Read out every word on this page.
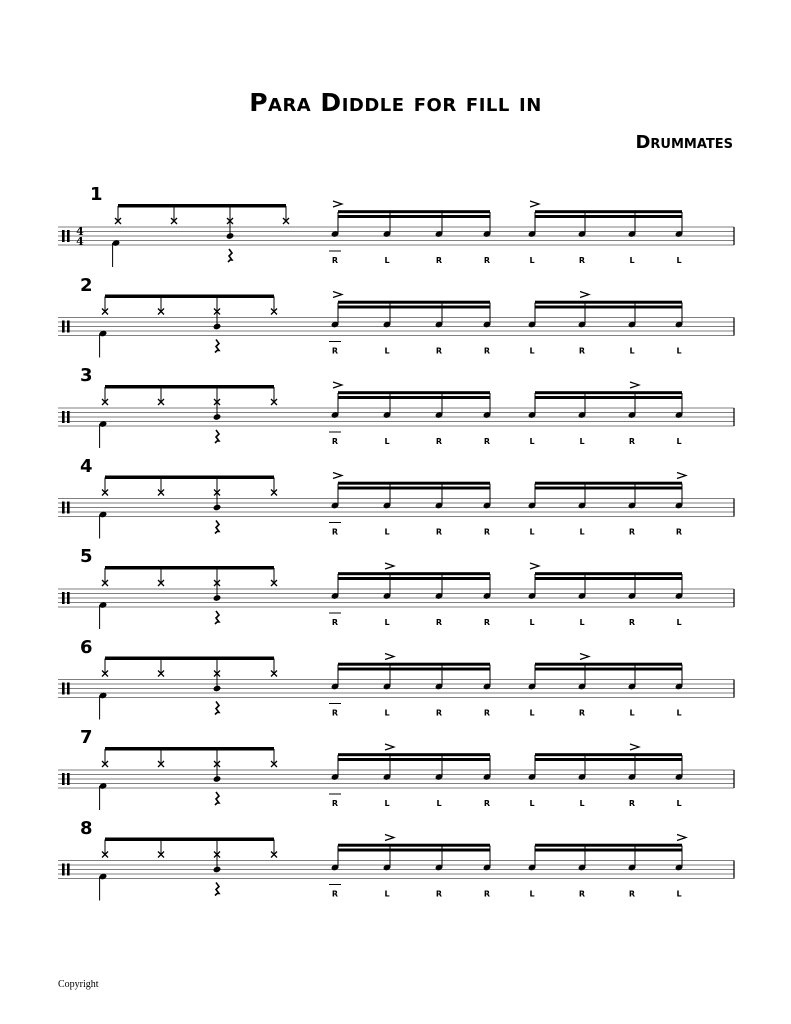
Para Diddle for fill in
Drummates
4
4
R	L	R	R	L	R	L	L
R	L	R	R	L	R	L	L
R	L	R	R	L	L	R	L
R	L	R	R	L	L	R	R
R	L	R	R	L	L	R	L
R	L	R	R	L	R	L	L
R	L	L	R	L	L	R	L
R	L	R	R	L	R	R	L
1
2
3
4
5
6
7
8
Copyright
